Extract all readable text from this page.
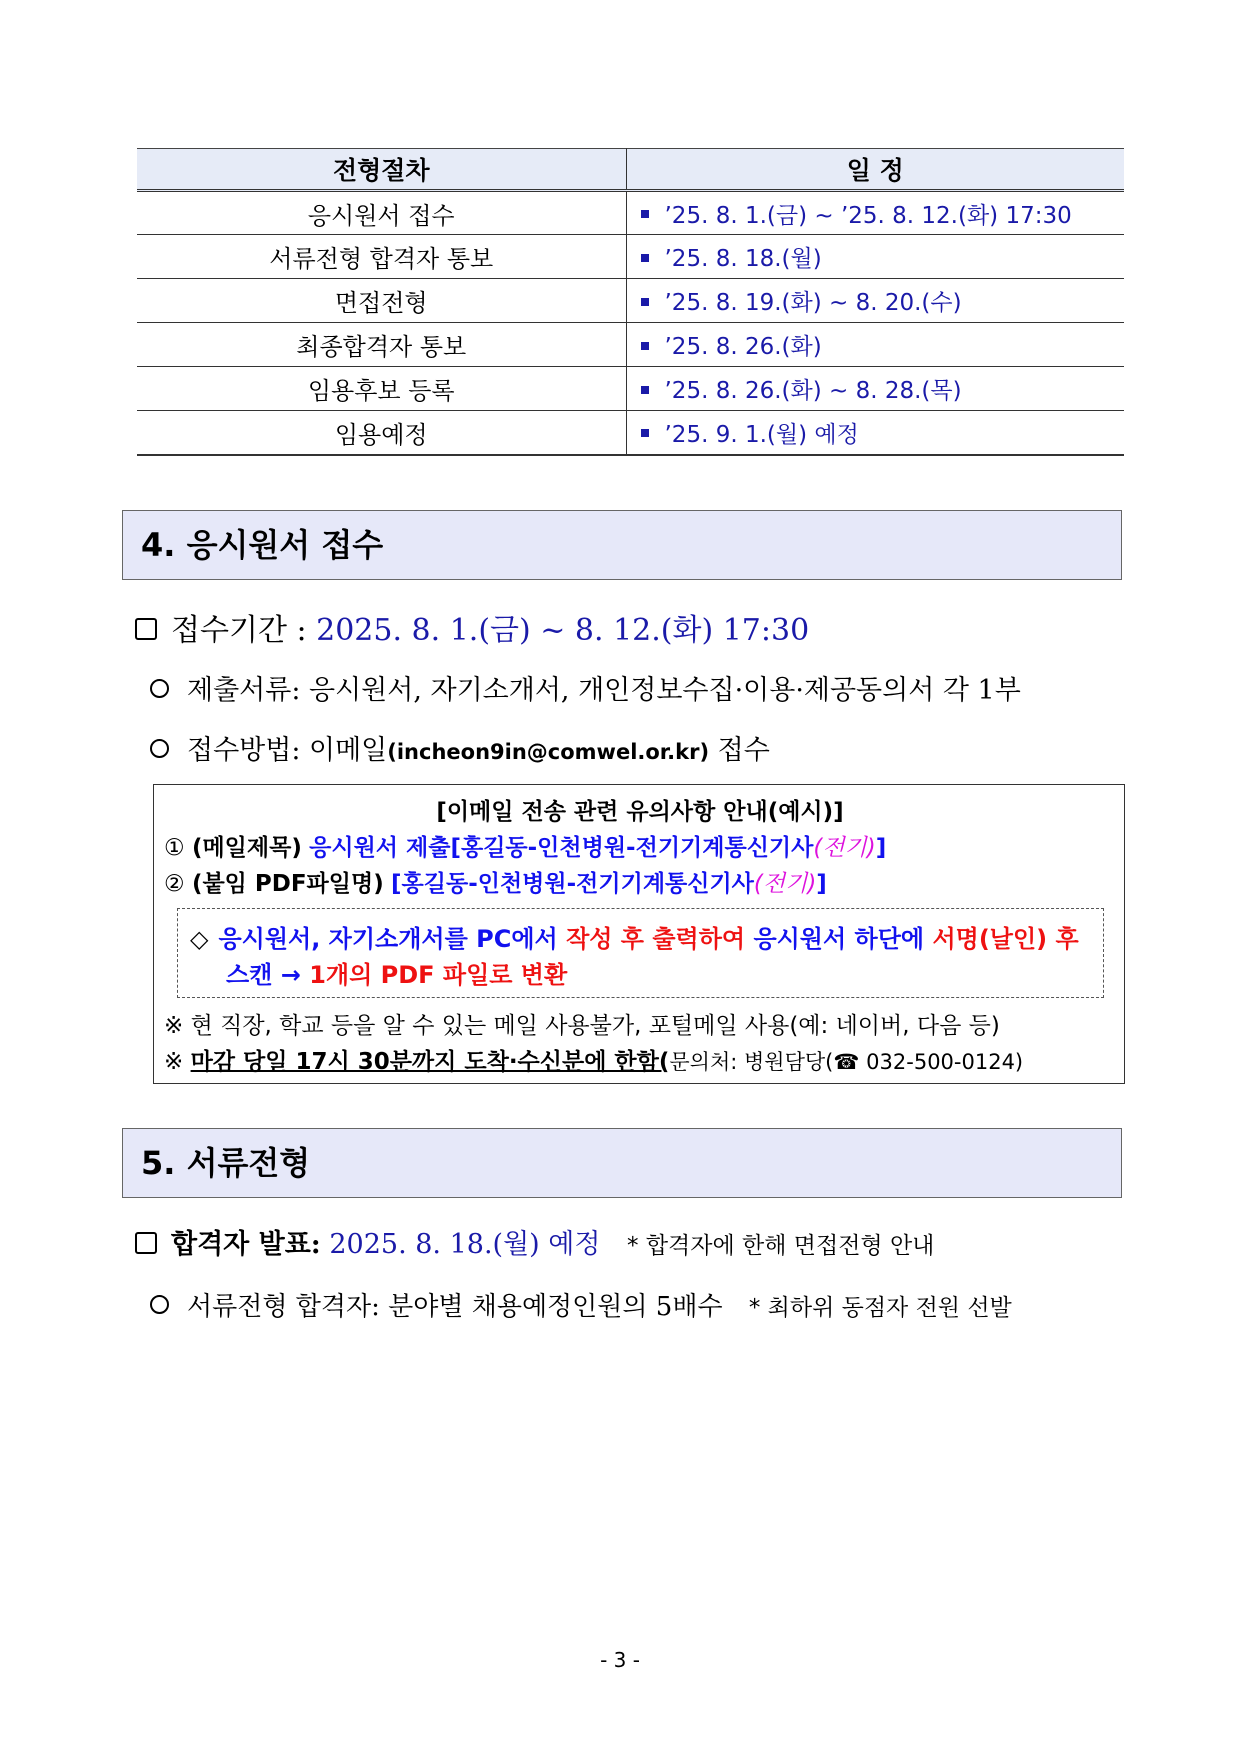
전형절차	일 정
응시원서 접수	’25. 8. 1.(금) ~ ’25. 8. 12.(화) 17:30
서류전형 합격자 통보	’25. 8. 18.(월)
면접전형	’25. 8. 19.(화) ~ 8. 20.(수)
최종합격자 통보	’25. 8. 26.(화)
임용후보 등록	’25. 8. 26.(화) ~ 8. 28.(목)
임용예정	’25. 9. 1.(월) 예정
4. 응시원서 접수
접수기간 : 2025. 8. 1.(금) ~ 8. 12.(화) 17:30
제출서류: 응시원서, 자기소개서, 개인정보수집·이용·제공동의서 각 1부
접수방법: 이메일(incheon9in@comwel.or.kr) 접수
[이메일 전송 관련 유의사항 안내(예시)]
① (메일제목) 응시원서 제출[홍길동-인천병원-전기기계통신기사(전기)]
② (붙임 PDF파일명) [홍길동-인천병원-전기기계통신기사(전기)]
◇ 응시원서, 자기소개서를 PC에서 작성 후 출력하여 응시원서 하단에 서명(날인) 후
스캔 → 1개의 PDF 파일로 변환
※ 현 직장, 학교 등을 알 수 있는 메일 사용불가, 포털메일 사용(예: 네이버, 다음 등)
※ 마감 당일 17시 30분까지 도착·수신분에 한함(문의처: 병원담당(☎ 032-500-0124)
5. 서류전형
합격자 발표: 2025. 8. 18.(월) 예정 * 합격자에 한해 면접전형 안내
서류전형 합격자: 분야별 채용예정인원의 5배수 * 최하위 동점자 전원 선발
- 3 -
